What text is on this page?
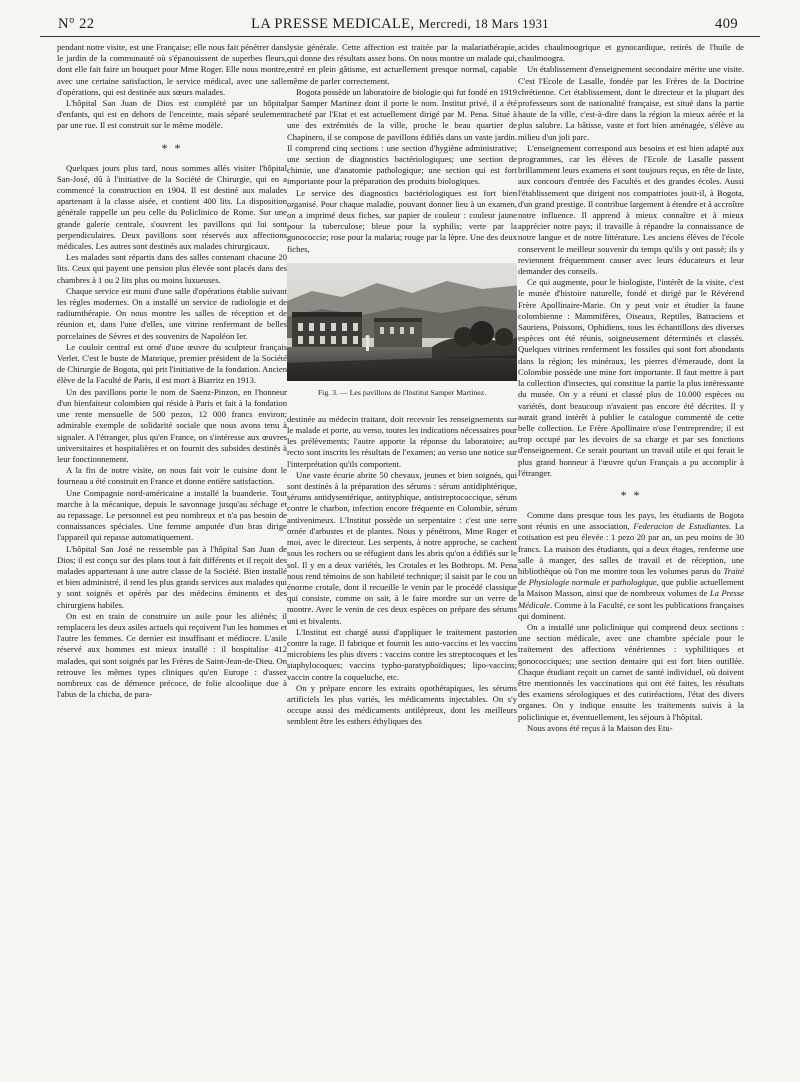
N° 22	LA PRESSE MEDICALE, Mercredi, 18 Mars 1931	409

pendant notre visite, est une Française; elle nous fait pénétrer dans le jardin de la communauté où s'épanouissent de superbes fleurs, dont elle fait faire un bouquet pour Mme Roger. Elle nous montre, avec une certaine satisfaction, le service médical, avec une salle d'opérations, qui est destinée aux sœurs malades.

L'hôpital San Juan de Dios est complété par un hôpital d'enfants, qui est en dehors de l'enceinte, mais séparé seulement par une rue. Il est construit sur le même modèle.

* *

Quelques jours plus tard, nous sommes allés visiter l'hôpital San-José, dû à l'initiative de la Société de Chirurgie, qui en a commencé la construction en 1904. Il est destiné aux malades apartenant à la classe aisée, et contient 400 lits. La disposition générale rappelle un peu celle du Policlinico de Rome. Sur une grande galerie centrale, s'ouvrent les pavillons qui lui sont perpendiculaires. Deux pavillons sont réservés aux affections médicales. Les autres sont destinés aux malades chirurgicaux.

Les malades sont répartis dans des salles contenant chacune 20 lits. Ceux qui payent une pension plus élevée sont placés dans des chambres à 1 ou 2 lits plus ou moins luxueuses.

Chaque service est muni d'une salle d'opérations établie suivant les règles modernes. On a installé un service de radiologie et de radiumthérapie. On nous montre les salles de réception et de réunion et, dans l'une d'elles, une vitrine renfermant de belles porcelaines de Sèvres et des souvenirs de Napoléon Ier.

Le couloir central est orné d'une œuvre du sculpteur français Verlet. C'est le buste de Manrique, premier président de la Société de Chirurgie de Bogota, qui prit l'initiative de la fondation. Ancien élève de la Faculté de Paris, il est mort à Biarritz en 1913.

Un des pavillons porte le nom de Saenz-Pinzon, en l'honneur d'un bienfaiteur colombien qui réside à Paris et fait à la fondation une rente mensuelle de 500 pezos, 12 000 francs environ; admirable exemple de solidarité sociale que nous avons tenu à signaler. A l'étranger, plus qu'en France, on s'intéresse aux œuvres universitaires et hospitalières et on fournit des subsides destinés à leur fonctionnement.

A la fin de notre visite, on nous fait voir le cuisine dont le fourneau a été construit en France et donne entière satisfaction.

Une Compagnie nord-américaine a installé la buanderie. Tout marche à la mécanique, depuis le savonnage jusqu'au séchage et au repassage. Le personnel est peu nombreux et n'a pas besoin de connaissances spéciales. Une femme amputée d'un bras dirige l'appareil qui repasse automatiquement.

L'hôpital San José ne ressemble pas à l'hôpital San Juan de Dios; il est conçu sur des plans tout à fait différents et il reçoit des malades appartenant à une autre classe de la Société. Bien installé et bien administré, il rend les plus grands services aux malades qui y sont soignés et opérés par des médecins éminents et des chirurgiens habiles.

On est en train de construire un asile pour les aliénés; il remplacera les deux asiles actuels qui reçoivent l'un les hommes et l'autre les femmes. Ce dernier est insuffisant et médiocre. L'asile réservé aux hommes est mieux installé : il hospitalise 412 malades, qui sont soignés par les Frères de Saint-Jean-de-Dieu. On retrouve les mêmes types cliniques qu'en Europe : d'assez nombreux cas de démence précoce, de folie alcoolique due à l'abus de la chicha, de para-

lysie générale. Cette affection est traitée par la malariathérapie, qui donne des résultats assez bons. On nous montre un malade qui, entré en plein gâtisme, est actuellement presque normal, capable même de parler correctement.

Bogota possède un laboratoire de biologie qui fut fondé en 1919 par Samper Martinez dont il porte le nom. Institut privé, il a été racheté par l'Etat et est actuellement dirigé par M. Pena. Situé à une des extrémités de la ville, proche le beau quartier de Chapinero, il se compose de pavillons édifiés dans un vaste jardin. Il comprend cinq sections : une section d'hygiène administrative; une section de diagnostics bactériologiques; une section de chimie, une d'anatomie pathologique; une section qui est fort importante pour la préparation des produits biologiques.

Le service des diagnostics bactériologiques est fort bien organisé. Pour chaque maladie, pouvant donner lieu à un examen, on a imprimé deux fiches, sur papier de couleur : couleur jaune pour la tuberculose; bleue pour la syphilis; verte par la gonococcie; rose pour la malaria; rouge par la lèpre. Une des deux fiches,

Fig. 3. — Les pavillons de l'Institut Samper Martinez.

destinée au médecin traitant, doit recevoir les renseignements sur le malade et porte, au verso, toutes les indications nécessaires pour les prélèvements; l'autre apporte la réponse du laboratoire; au recto sont inscrits les résultats de l'examen; au verso une notice sur l'interprétation qu'ils comportent.

Une vaste écurie abrite 50 chevaux, jeunes et bien soignés, qui sont destinés à la préparation des sérums : sérum antidiphtérique, sérums antidysentérique, antityphique, antistreptococcique, sérum contre le charbon, infection encore fréquente en Colombie, sérum antivenimeux. L'Institut possède un serpentaire : c'est une serre ornée d'arbustes et de plantes. Nous y pénétrons, Mme Roger et moi, avec le directeur. Les serpents, à notre approche, se cachent sous les rochers ou se réfugient dans les abris qu'on a édifiés sur le sol. Il y en a deux variétés, les Crotales et les Bothrops. M. Pena nous rend témoins de son habileté technique; il saisit par le cou un énorme crotale, dont il recueille le venin par le procédé classique qui consiste, comme on sait, à le faire mordre sur un verre de montre. Avec le venin de ces deux espèces on prépare des sérums uni et bivalents.

L'Institut est chargé aussi d'appliquer le traitement pastorien contre la rage. Il fabrique et fournit les auto-vaccins et les vaccins microbiens les plus divers : vaccins contre les streptocoques et les staphylocoques; vaccins typho-paratyphoïdiques; lipo-vaccins; vaccin contre la coqueluche, etc.

On y prépare encore les extraits opothérapiques, les sérums artificiels les plus variés, les médicaments injectables. On s'y occupe aussi des médicaments antilépreux, dont les meilleurs semblent être les esthers éthyliques des

acides chaulmoogrique et gynocardique, retirés de l'huile de chaulmoogra.

Un établissement d'enseignement secondaire mérite une visite. C'est l'Ecole de Lasalle, fondée par les Frères de la Doctrine chrétienne. Cet établissement, dont le directeur et la plupart des professeurs sont de nationalité française, est situé dans la partie haute de la ville, c'est-à-dire dans la région la mieux aérée et la plus salubre. La bâtisse, vaste et fort bien aménagée, s'élève au milieu d'un joli parc.

L'enseignement correspond aux besoins et est bien adapté aux programmes, car les élèves de l'Ecole de Lasalle passent brillamment leurs examens et sont toujours reçus, en tête de liste, aux concours d'entrée des Facultés et des grandes écoles. Aussi l'établissement que dirigent nos compatriotes jouit-il, à Bogota, d'un grand prestige. Il contribue largement à étendre et à accroître notre influence. Il apprend à mieux connaître et à mieux apprécier notre pays; il travaille à répandre la connaissance de notre langue et de notre littérature. Les anciens élèves de l'école conservent le meilleur souvenir du temps qu'ils y ont passé; ils y reviennent fréquemment causer avec leurs éducateurs et leur demander des conseils.

Ce qui augmente, pour le biologiste, l'intérêt de la visite, c'est le musée d'histoire naturelle, fondé et dirigé par le Révérend Frère Apollinaire-Marie. On y peut voir et étudier la faune colombienne : Mammifères, Oiseaux, Reptiles, Batraciens et Sauriens, Poissons, Ophidiens, tous les échantillons des diverses espèces ont été réunis, soigneusement déterminés et classés. Quelques vitrines renferment les fossiles qui sont fort abondants dans la région; les minéraux, les pierres d'émeraude, dont la Colombie possède une mine fort importante. Il faut mettre à part la collection d'insectes, qui constitue la partie la plus intéressante du musée. On y a réuni et classé plus de 10.000 espèces ou variétés, dont beaucoup n'avaient pas encore été décrites. Il y aurait grand intérêt à publier le catalogue commenté de cette belle collection. Le Frère Apollinaire n'ose l'entreprendre; il est trop occupé par les devoirs de sa charge et par ses fonctions d'enseignement. Ce serait pourtant un travail utile et qui ferait le plus grand honneur à l'œuvre qu'un Français a pu accomplir à l'étranger.

* *

Comme dans presque tous les pays, les étudiants de Bogota sont réunis en une association, Federacion de Estudiantes. La cotisation est peu élevée : 1 pezo 20 par an, un peu moins de 30 francs. La maison des étudiants, qui a deux étages, renferme une salle à manger, des salles de travail et de réception, une bibliothèque où l'on me montre tous les volumes parus du Traité de Physiologie normale et pathologique, que publie actuellement la Maison Masson, ainsi que de nombreux volumes de La Presse Médicale. Comme à la Faculté, ce sont les publications françaises qui dominent.

On a installé une policlinique qui comprend deux sections : une section médicale, avec une chambre spéciale pour le traitement des affections vénériennes : syphilitiques et gonococciques; une section dentaire qui est fort bien outillée. Chaque étudiant reçoit un carnet de santé individuel, où doivent être mentionnés les vaccinations qui ont été faites, les résultats des examens sérologiques et des cutiréactions, l'état des divers organes. On y indique ensuite les traitements suivis à la policlinique et, éventuellement, les séjours à l'hôpital.

Nous avons été reçus à la Maison des Etu-
